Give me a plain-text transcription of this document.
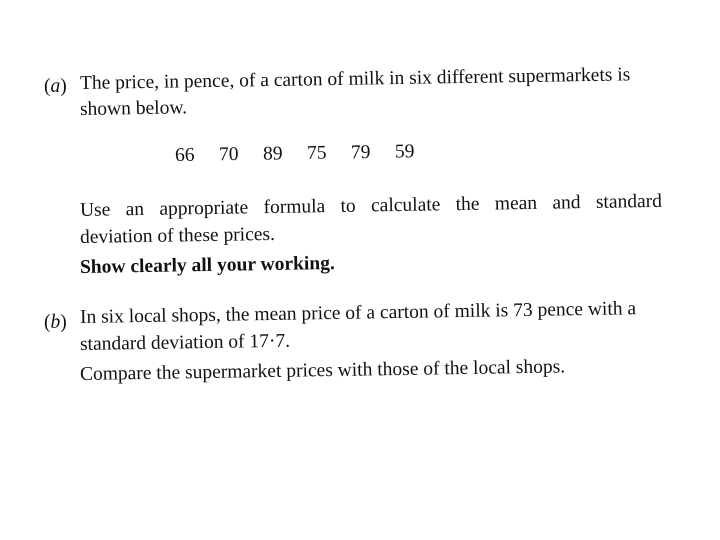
(a) The price, in pence, of a carton of milk in six different supermarkets is
shown below.
66	70	89	75	79	59
Use an appropriate formula to calculate the mean and standard
deviation of these prices.
Show clearly all your working.
(b) In six local shops, the mean price of a carton of milk is 73 pence with a
standard deviation of 17·7.
Compare the supermarket prices with those of the local shops.
